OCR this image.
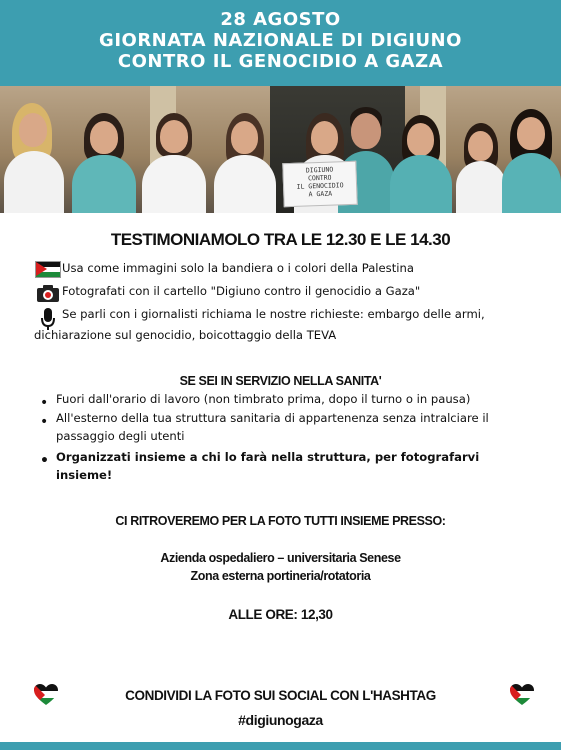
28 AGOSTO
GIORNATA NAZIONALE DI DIGIUNO
CONTRO IL GENOCIDIO A GAZA
DIGIUNO
CONTRO
IL GENOCIDIO
A GAZA
TESTIMONIAMOLO TRA LE 12.30 E LE 14.30
Usa come immagini solo la bandiera o i colori della Palestina
Fotografati con il cartello "Digiuno contro il genocidio a Gaza"
Se parli con i giornalisti richiama le nostre richieste: embargo delle armi,
dichiarazione sul genocidio, boicottaggio della TEVA
SE SEI IN SERVIZIO NELLA SANITA'
• Fuori dall'orario di lavoro (non timbrato prima, dopo il turno o in pausa)
• All'esterno della tua struttura sanitaria di appartenenza senza intralciare il
passaggio degli utenti
• Organizzati insieme a chi lo farà nella struttura, per fotografarvi
insieme!
CI RITROVEREMO PER LA FOTO TUTTI INSIEME PRESSO:
Azienda ospedaliero – universitaria Senese
Zona esterna portineria/rotatoria
ALLE ORE: 12,30
CONDIVIDI LA FOTO SUI SOCIAL CON L'HASHTAG
#digiunogaza
